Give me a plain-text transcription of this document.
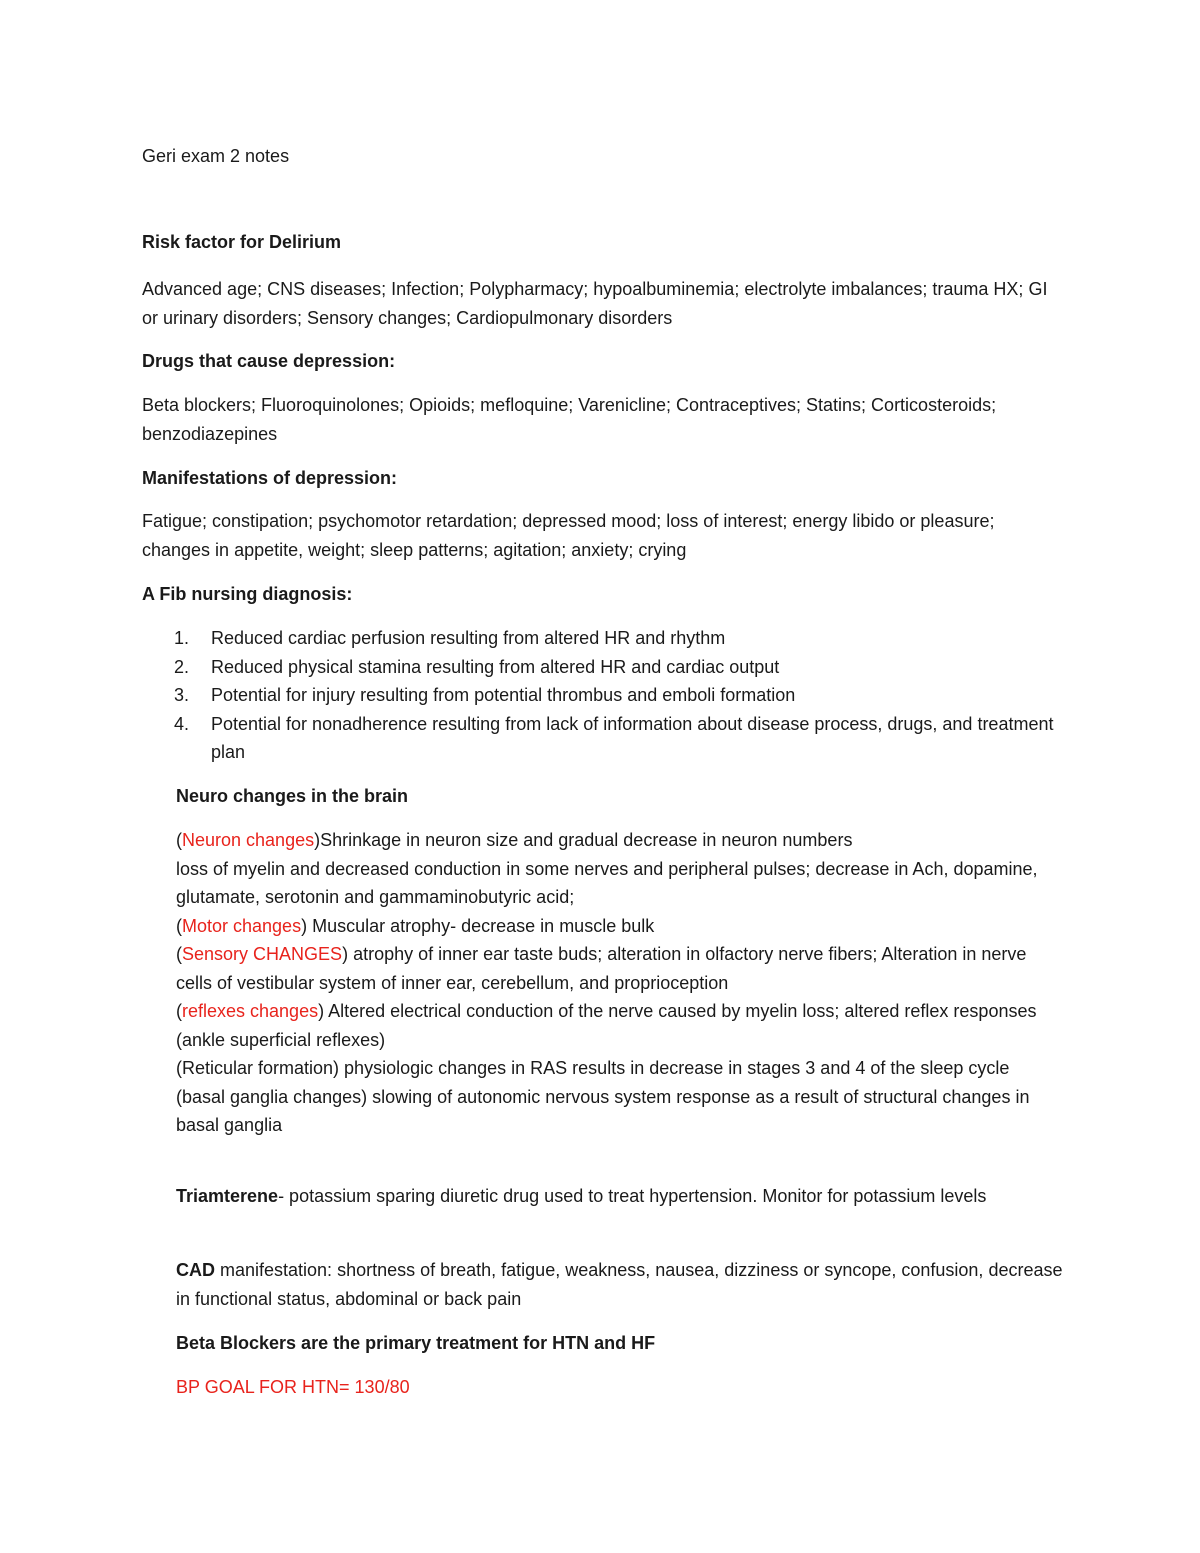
Geri exam 2 notes

Risk factor for Delirium

Advanced age; CNS diseases; Infection; Polypharmacy; hypoalbuminemia; electrolyte imbalances; trauma HX; GI or urinary disorders; Sensory changes; Cardiopulmonary disorders

Drugs that cause depression:

Beta blockers; Fluoroquinolones; Opioids; mefloquine; Varenicline; Contraceptives; Statins; Corticosteroids; benzodiazepines

Manifestations of depression:

Fatigue; constipation; psychomotor retardation; depressed mood; loss of interest; energy libido or pleasure; changes in appetite, weight; sleep patterns; agitation; anxiety; crying

A Fib nursing diagnosis:

1. Reduced cardiac perfusion resulting from altered HR and rhythm
2. Reduced physical stamina resulting from altered HR and cardiac output
3. Potential for injury resulting from potential thrombus and emboli formation
4. Potential for nonadherence resulting from lack of information about disease process, drugs, and treatment plan

Neuro changes in the brain

(Neuron changes)Shrinkage in neuron size and gradual decrease in neuron numbers
loss of myelin and decreased conduction in some nerves and peripheral pulses; decrease in Ach, dopamine, glutamate, serotonin and gammaminobutyric acid;
(Motor changes) Muscular atrophy- decrease in muscle bulk
(Sensory CHANGES) atrophy of inner ear taste buds; alteration in olfactory nerve fibers; Alteration in nerve cells of vestibular system of inner ear, cerebellum, and proprioception
(reflexes changes) Altered electrical conduction of the nerve caused by myelin loss; altered reflex responses (ankle superficial reflexes)
(Reticular formation) physiologic changes in RAS results in decrease in stages 3 and 4 of the sleep cycle
(basal ganglia changes) slowing of autonomic nervous system response as a result of structural changes in basal ganglia

Triamterene- potassium sparing diuretic drug used to treat hypertension. Monitor for potassium levels

CAD manifestation: shortness of breath, fatigue, weakness, nausea, dizziness or syncope, confusion, decrease in functional status, abdominal or back pain

Beta Blockers are the primary treatment for HTN and HF

BP GOAL FOR HTN= 130/80
